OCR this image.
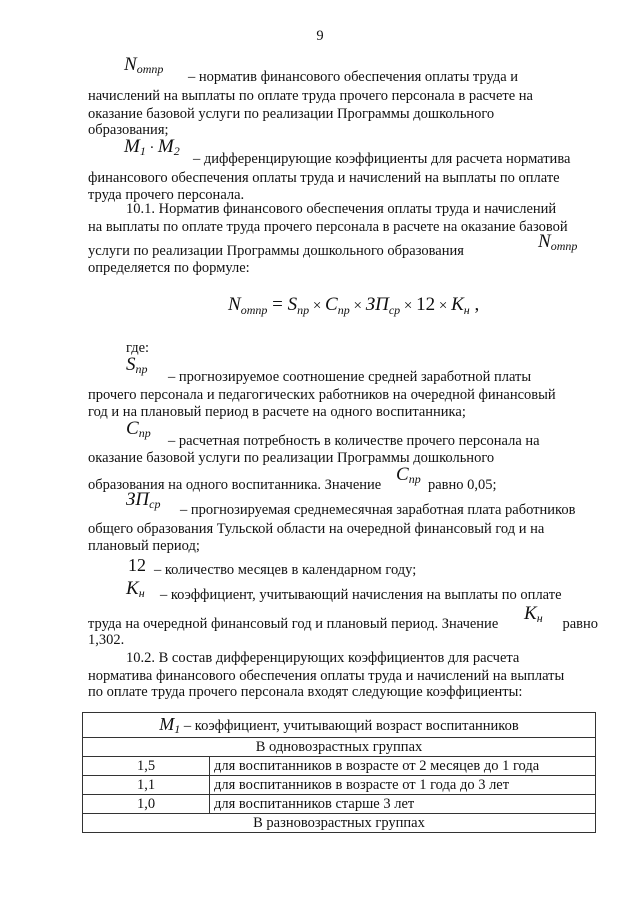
9
$N_{отпр}$ – норматив финансового обеспечения оплаты труда и
начислений на выплаты по оплате труда прочего персонала в расчете на
оказание базовой услуги по реализации Программы дошкольного
образования;
$M_1 \cdot M_2$ – дифференцирующие коэффициенты для расчета норматива
финансового обеспечения оплаты труда и начислений на выплаты по оплате
труда прочего персонала.
10.1. Норматив финансового обеспечения оплаты труда и начислений
на выплаты по оплате труда прочего персонала в расчете на оказание базовой
услуги по реализации Программы дошкольного образования	$N_{отпр}$
определяется по формуле:
$N_{отпр} = S_{пр} \times C_{пр} \times ЗП_{ср} \times 12 \times K_н$ ,
где:
$S_{пр}$ – прогнозируемое соотношение средней заработной платы
прочего персонала и педагогических работников на очередной финансовый
год и на плановый период в расчете на одного воспитанника;
$C_{пр}$ – расчетная потребность в количестве прочего персонала на
оказание базовой услуги по реализации Программы дошкольного
образования на одного воспитанника. Значение $C_{пр}$ равно 0,05;
$ЗП_{ср}$ – прогнозируемая среднемесячная заработная плата работников
общего образования Тульской области на очередной финансовый год и на
плановый период;
12 – количество месяцев в календарном году;
$K_н$ – коэффициент, учитывающий начисления на выплаты по оплате
труда на очередной финансовый год и плановый период. Значение $K_н$ равно
1,302.
10.2. В состав дифференцирующих коэффициентов для расчета
норматива финансового обеспечения оплаты труда и начислений на выплаты
по оплате труда прочего персонала входят следующие коэффициенты:
$M_1$ – коэффициент, учитывающий возраст воспитанников	
В одновозрастных группах	
1,5	для воспитанников в возрасте от 2 месяцев до 1 года
1,1	для воспитанников в возрасте от 1 года до 3 лет
1,0	для воспитанников старше 3 лет
В разновозрастных группах	
